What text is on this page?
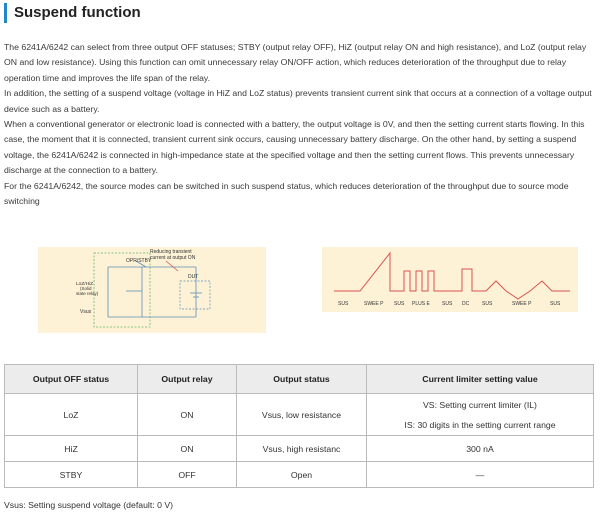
Suspend function

The 6241A/6242 can select from three output OFF statuses; STBY (output relay OFF), HiZ (output relay ON and high resistance), and LoZ (output relay ON and low resistance). Using this function can omit unnecessary relay ON/OFF action, which reduces deterioration of the throughput due to relay operation time and improves the life span of the relay.

In addition, the setting of a suspend voltage (voltage in HiZ and LoZ status) prevents transient current sink that occurs at a connection of a voltage output device such as a battery.

When a conventional generator or electronic load is connected with a battery, the output voltage is 0V, and then the setting current starts flowing. In this case, the moment that it is connected, transient current sink occurs, causing unnecessary battery discharge. On the other hand, by setting a suspend voltage, the 6241A/6242 is connected in high-impedance state at the specified voltage and then the setting current flows. This prevents unnecessary discharge at the connection to a battery.

For the 6241A/6242, the source modes can be switched in such suspend status, which reduces deterioration of the throughput due to source mode switching

OPR/STBY
Reducing transient
current at output ON
DUT
LoZ/HiZ
(Solid
state relay)
Vsus
SUS	SWEE P SUS PLUS E SUS DC	SUS	SWEE P	SUS
Output OFF status	Output relay	Output status	Current limiter setting value
LoZ	ON	Vsus, low resistance	VS: Setting current limiter (IL)
IS: 30 digits in the setting current range

HiZ	ON	Vsus, high resistanc	300 nA
STBY	OFF	Open	—
Vsus: Setting suspend voltage (default: 0 V)
